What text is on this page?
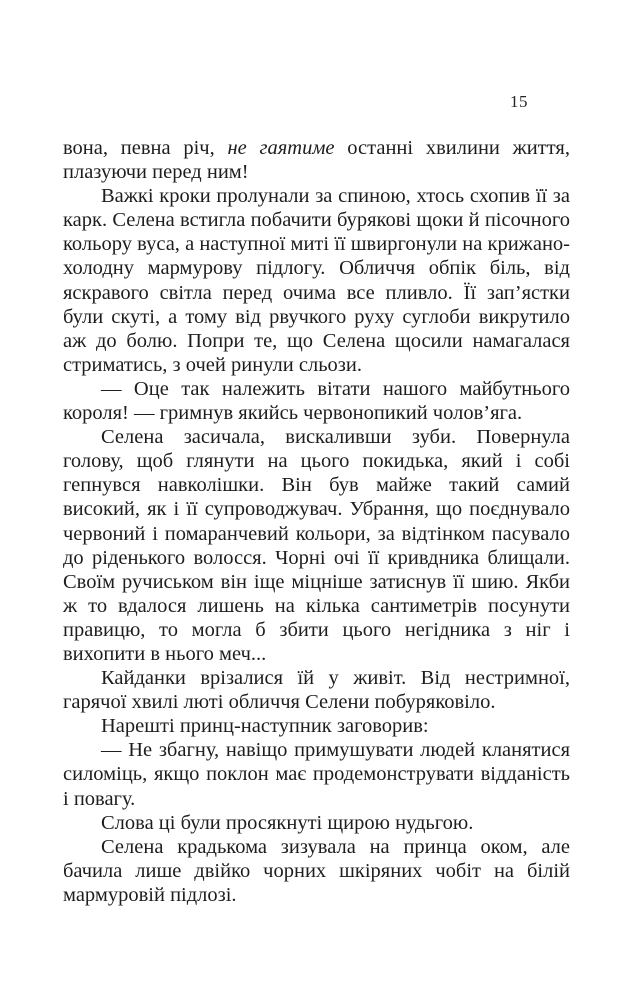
15

вона, певна річ, не гаятиме останні хвилини життя, плазуючи перед ним!

Важкі кроки пролунали за спиною, хтось схопив її за карк. Селена встигла побачити бурякові щоки й пісочного кольору вуса, а наступної миті її швиргонули на крижано-холодну мармурову підлогу. Обличчя обпік біль, від яскравого світла перед очима все пливло. Її зап’ястки були скуті, а тому від рвучкого руху суглоби викрутило аж до болю. Попри те, що Селена щосили намагалася стриматись, з очей ринули сльози.

— Оце так належить вітати нашого майбутнього короля! — гримнув якийсь червонопикий чолов’яга.

Селена засичала, вискаливши зуби. Повернула голову, щоб глянути на цього покидька, який і собі гепнувся навколішки. Він був майже такий самий високий, як і її супроводжувач. Убрання, що поєднувало червоний і помаранчевий кольори, за відтінком пасувало до ріденького волосся. Чорні очі її кривдника блищали. Своїм ручиськом він іще міцніше затиснув її шию. Якби ж то вдалося лишень на кілька сантиметрів посунути правицю, то могла б збити цього негідника з ніг і вихопити в нього меч...

Кайданки врізалися їй у живіт. Від нестримної, гарячої хвилі люті обличчя Селени побуряковіло.

Нарешті принц-наступник заговорив:

— Не збагну, навіщо примушувати людей кланятися силоміць, якщо поклон має продемонструвати відданість і повагу.

Слова ці були просякнуті щирою нудьгою.

Селена крадькома зизувала на принца оком, але бачила лише двійко чорних шкіряних чобіт на білій мармуровій підлозі.
